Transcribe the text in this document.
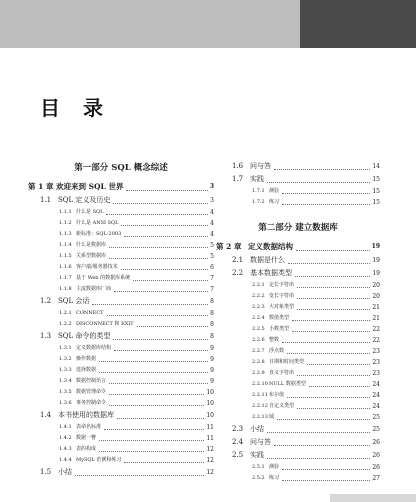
目 录
第一部分 SQL 概念综述
第 1 章 欢迎来到 SQL 世界	3
1.1 SQL 定义及历史	3
1.1.1 什么是 SQL	4
1.1.2 什么是 ANSI SQL	4
1.1.3 新标准：SQL-2003	4
1.1.4 什么是数据库	5
1.1.5 关系型数据库	5
1.1.6 客户端/服务器技术	6
1.1.7 基于 Web 的数据库系统	7
1.1.8 主流数据库厂商	7
1.2 SQL 会话	8
1.2.1 CONNECT	8
1.2.2 DISCONNECT 和 EXIT	8
1.3 SQL 命令的类型	8
1.3.1 定义数据库结构	9
1.3.2 操作数据	9
1.3.3 选择数据	9
1.3.4 数据控制语言	9
1.3.5 数据管理命令	10
1.3.6 事务控制命令	10
1.4 本书使用的数据库	10
1.4.1 表命名标准	11
1.4.2 数据一瞥	11
1.4.3 表的构成	12
1.4.4 MySQL 范例和练习	12
1.5 小结	12
1.6 问与答	14
1.7 实践	15
1.7.1 测验	15
1.7.2 练习	15
第二部分 建立数据库
第 2 章 定义数据结构	19
2.1 数据是什么	19
2.2 基本数据类型	19
2.2.1 定长字符串	20
2.2.2 变长字符串	20
2.2.3 大对象类型	21
2.2.4 数值类型	21
2.2.5 小数类型	22
2.2.6 整数	22
2.2.7 浮点数	23
2.2.8 日期和时间类型	23
2.2.9 直义字符串	23
2.2.10 NULL 数据类型	24
2.2.11 布尔值	24
2.2.12 自定义类型	24
2.2.13 域	25
2.3 小结	25
2.4 问与答	26
2.5 实践	26
2.5.1 测验	26
2.5.2 练习	27
